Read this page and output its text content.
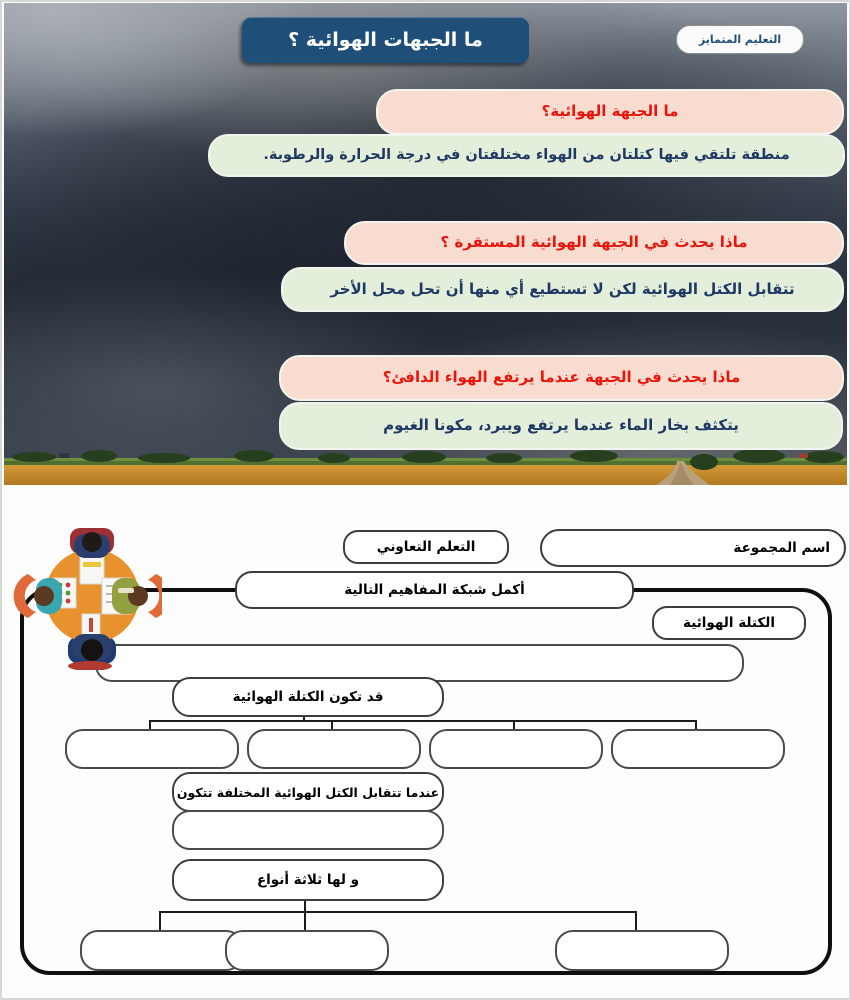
ما الجبهات الهوائية ؟	التعليم المتمايز
ما الجبهة الهوائية؟
منطقة تلتقي فيها كتلتان من الهواء مختلفتان في درجة الحرارة والرطوبة.
ماذا يحدث في الجبهة الهوائية المستقرة ؟
تتقابل الكتل الهوائية لكن لا تستطيع أي منها أن تحل محل الأخر
ماذا يحدث في الجبهة عندما يرتفع الهواء الدافئ؟
يتكثف بخار الماء عندما يرتفع ويبرد، مكونا الغيوم
اسم المجموعة
التعلم التعاوني
أكمل شبكة المفاهيم التالية
الكتلة الهوائية
قد تكون الكتلة الهوائية
عندما تتقابل الكتل الهوائية المختلفة تتكون
و لها ثلاثة أنواع
